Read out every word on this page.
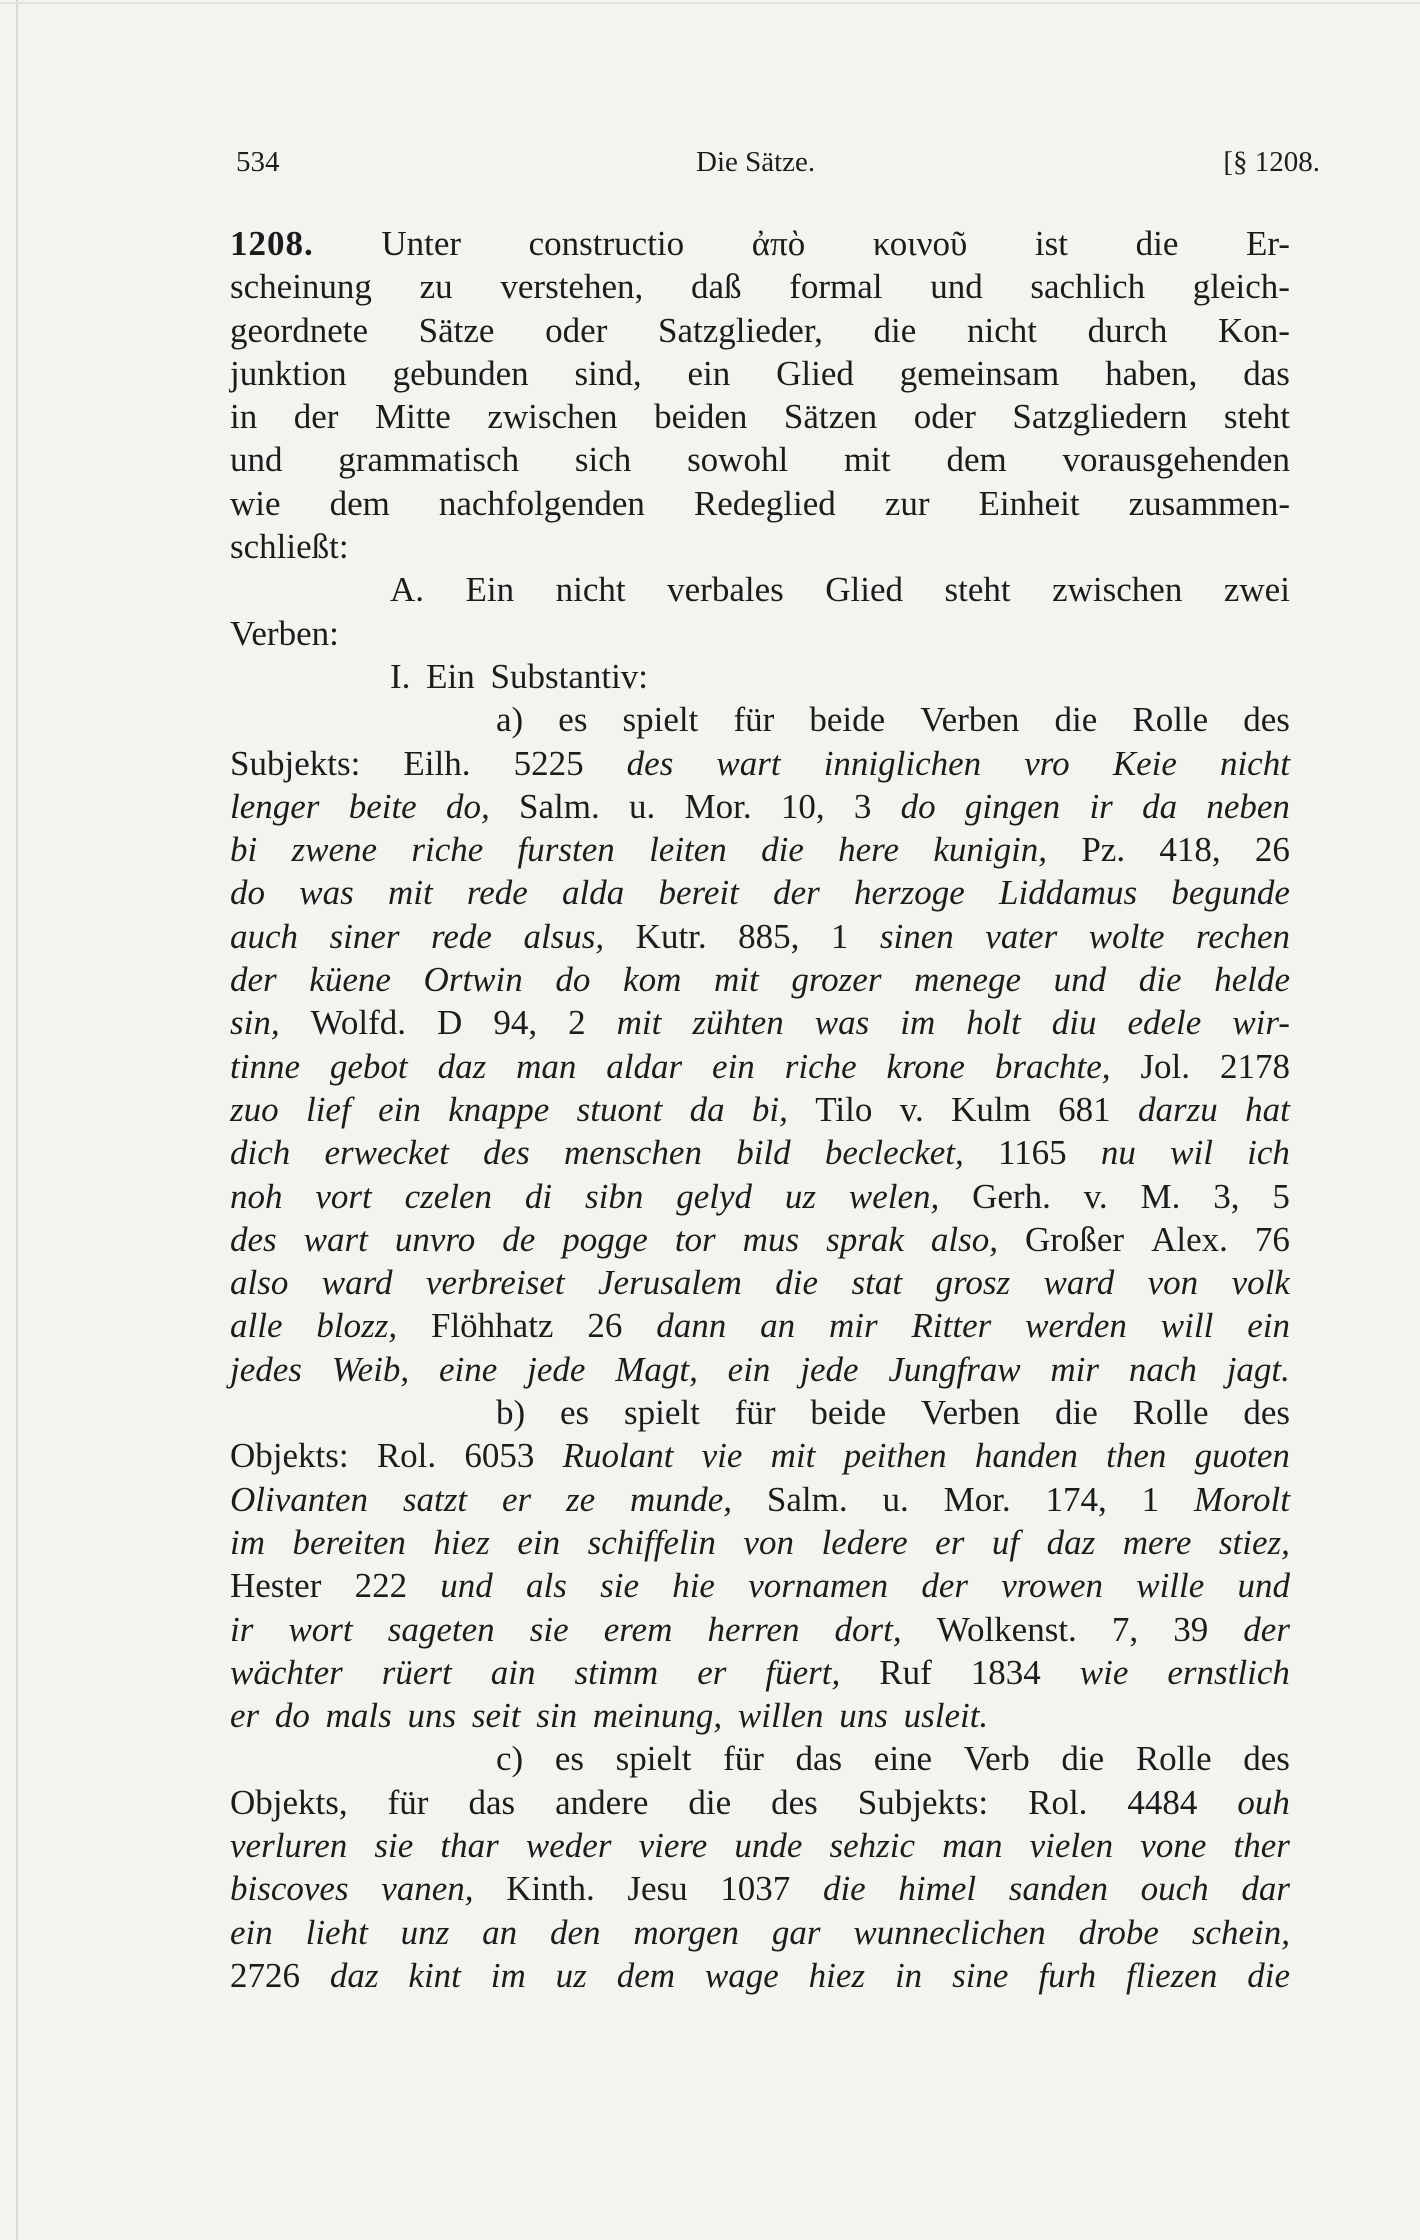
534	Die Sätze.	[§ 1208.
1208. Unter constructio ἀπὸ κοινοῦ ist die Er-
scheinung zu verstehen, daß formal und sachlich gleich-
geordnete Sätze oder Satzglieder, die nicht durch Kon-
junktion gebunden sind, ein Glied gemeinsam haben, das
in der Mitte zwischen beiden Sätzen oder Satzgliedern steht
und grammatisch sich sowohl mit dem vorausgehenden
wie dem nachfolgenden Redeglied zur Einheit zusammen-
schließt:
A. Ein nicht verbales Glied steht zwischen zwei
Verben:
I. Ein Substantiv:
a) es spielt für beide Verben die Rolle des
Subjekts: Eilh. 5225 des wart inniglichen vro Keie nicht
lenger beite do, Salm. u. Mor. 10, 3 do gingen ir da neben
bi zwene riche fursten leiten die here kunigin, Pz. 418, 26
do was mit rede alda bereit der herzoge Liddamus begunde
auch siner rede alsus, Kutr. 885, 1 sinen vater wolte rechen
der küene Ortwin do kom mit grozer menege und die helde
sin, Wolfd. D 94, 2 mit zühten was im holt diu edele wir-
tinne gebot daz man aldar ein riche krone brachte, Jol. 2178
zuo lief ein knappe stuont da bi, Tilo v. Kulm 681 darzu hat
dich erwecket des menschen bild beclecket, 1165 nu wil ich
noh vort czelen di sibn gelyd uz welen, Gerh. v. M. 3, 5
des wart unvro de pogge tor mus sprak also, Großer Alex. 76
also ward verbreiset Jerusalem die stat grosz ward von volk
alle blozz, Flöhhatz 26 dann an mir Ritter werden will ein
jedes Weib, eine jede Magt, ein jede Jungfraw mir nach jagt.
b) es spielt für beide Verben die Rolle des
Objekts: Rol. 6053 Ruolant vie mit peithen handen then guoten
Olivanten satzt er ze munde, Salm. u. Mor. 174, 1 Morolt
im bereiten hiez ein schiffelin von ledere er uf daz mere stiez,
Hester 222 und als sie hie vornamen der vrowen wille und
ir wort sageten sie erem herren dort, Wolkenst. 7, 39 der
wächter rüert ain stimm er füert, Ruf 1834 wie ernstlich
er do mals uns seit sin meinung, willen uns usleit.
c) es spielt für das eine Verb die Rolle des
Objekts, für das andere die des Subjekts: Rol. 4484 ouh
verluren sie thar weder viere unde sehzic man vielen vone ther
biscoves vanen, Kinth. Jesu 1037 die himel sanden ouch dar
ein lieht unz an den morgen gar wunneclichen drobe schein,
2726 daz kint im uz dem wage hiez in sine furh fliezen die
